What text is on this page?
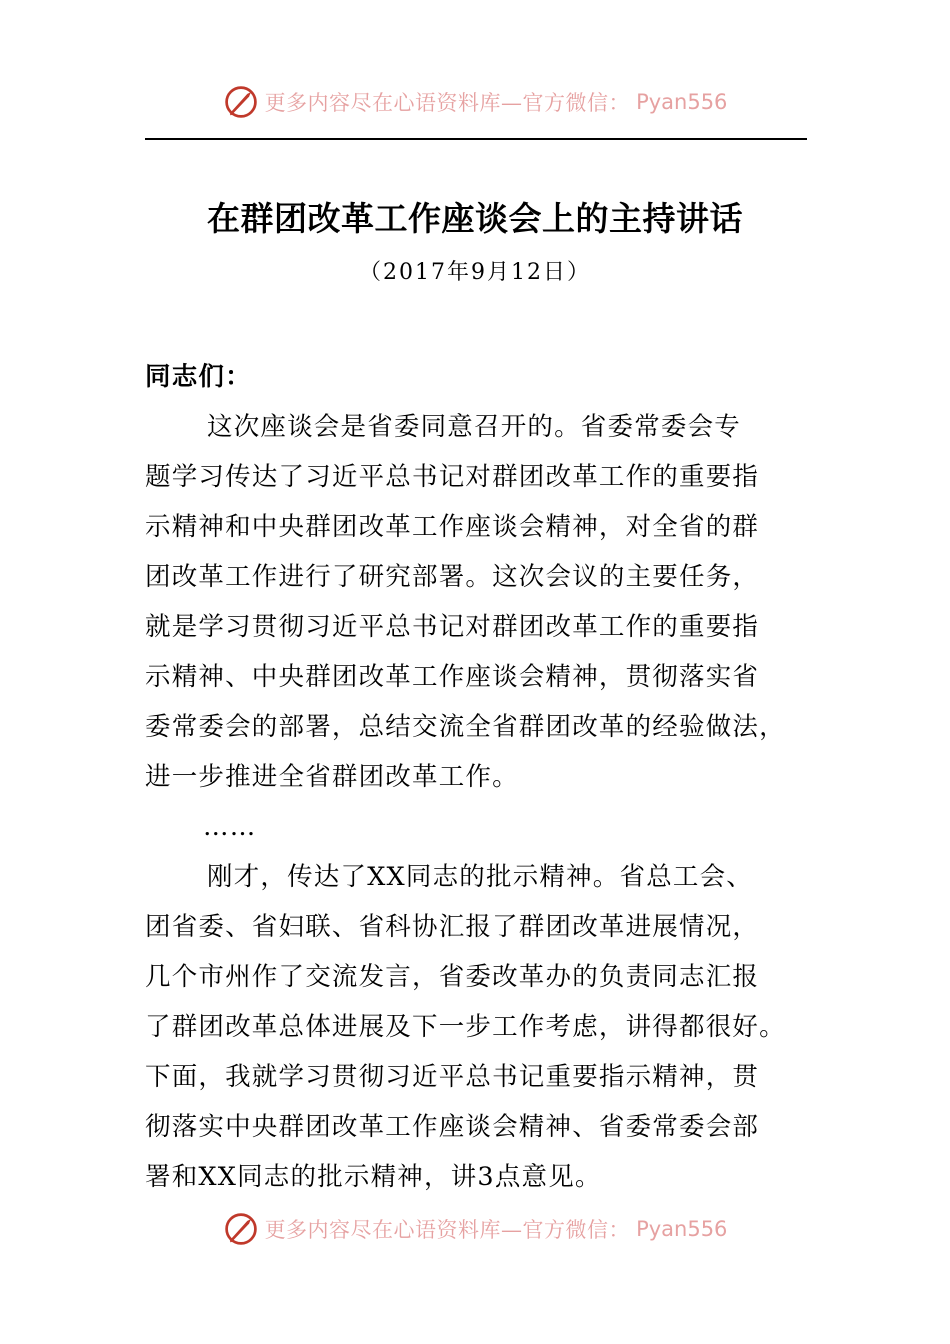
更多内容尽在心语资料库—官方微信： Pyan556
在群团改革工作座谈会上的主持讲话
（2017年9月12日）
同志们：
这次座谈会是省委同意召开的。省委常委会专
题学习传达了习近平总书记对群团改革工作的重要指
示精神和中央群团改革工作座谈会精神，对全省的群
团改革工作进行了研究部署。这次会议的主要任务，
就是学习贯彻习近平总书记对群团改革工作的重要指
示精神、中央群团改革工作座谈会精神，贯彻落实省
委常委会的部署，总结交流全省群团改革的经验做法，
进一步推进全省群团改革工作。
……
刚才，传达了XX同志的批示精神。省总工会、
团省委、省妇联、省科协汇报了群团改革进展情况，
几个市州作了交流发言，省委改革办的负责同志汇报
了群团改革总体进展及下一步工作考虑，讲得都很好。
下面，我就学习贯彻习近平总书记重要指示精神，贯
彻落实中央群团改革工作座谈会精神、省委常委会部
署和XX同志的批示精神，讲3点意见。
更多内容尽在心语资料库—官方微信： Pyan556
